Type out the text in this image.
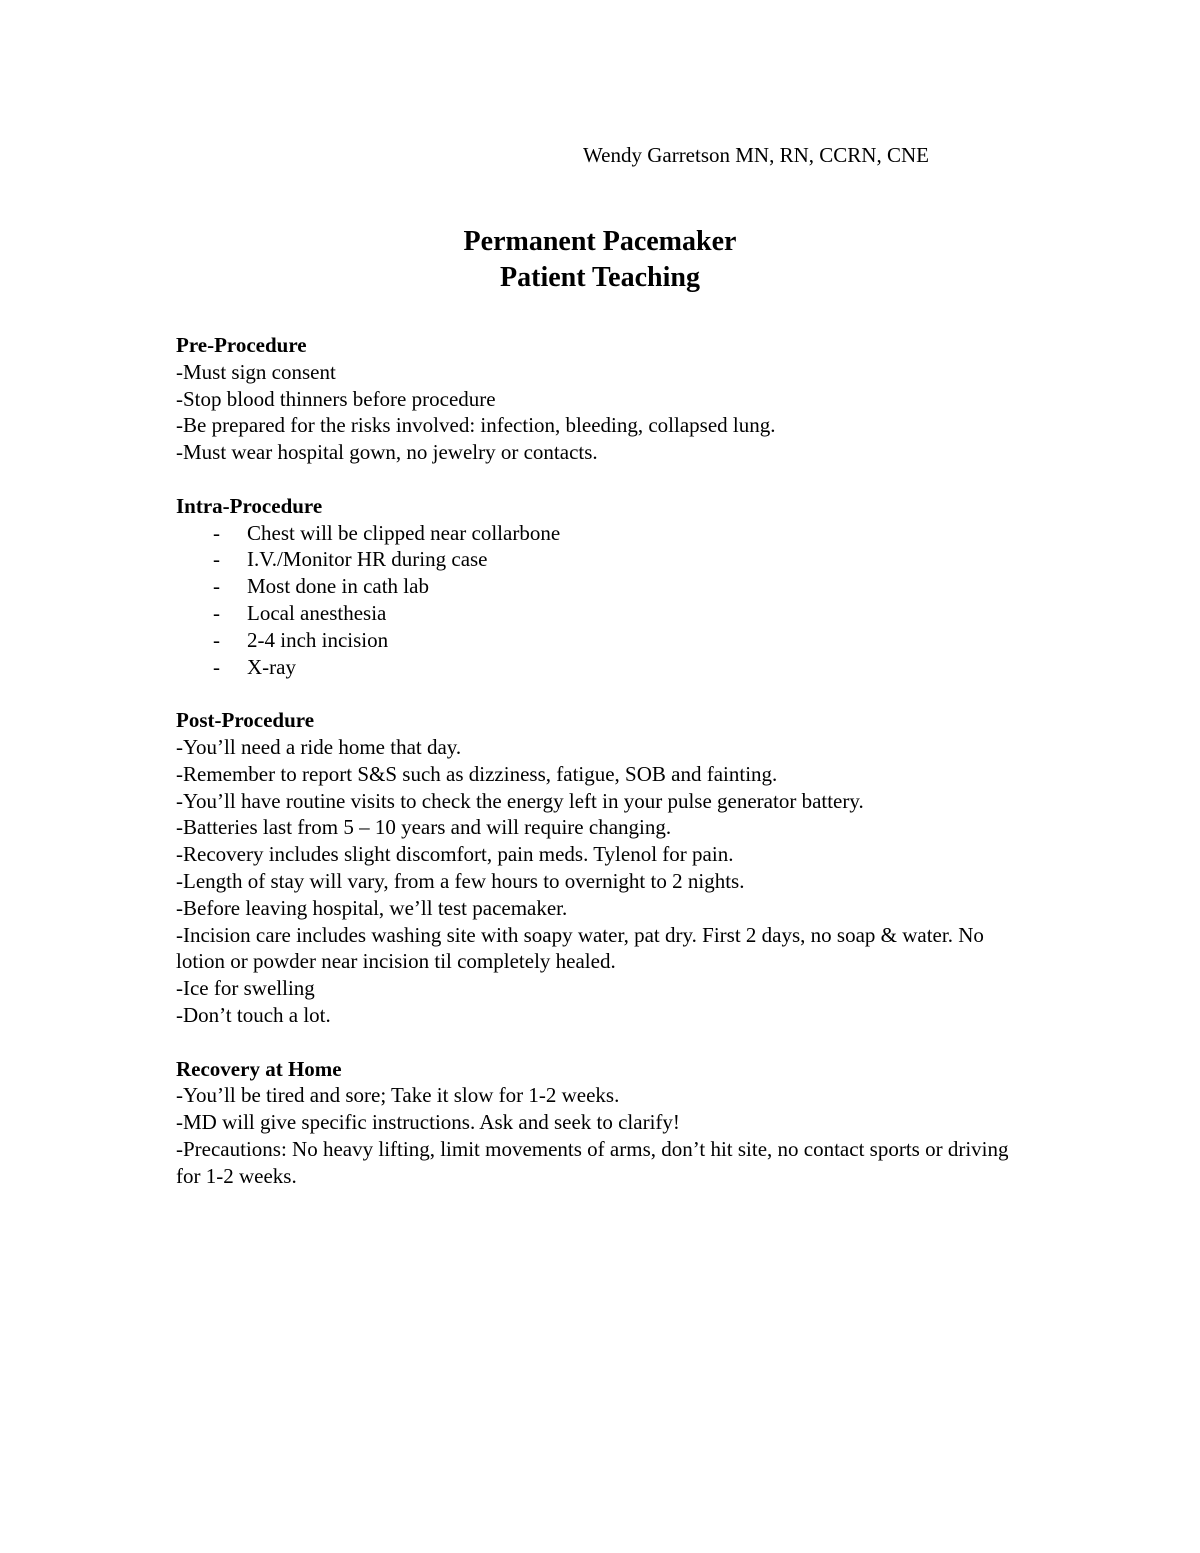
Wendy Garretson MN, RN, CCRN, CNE
Permanent Pacemaker
Patient Teaching
Pre-Procedure
-Must sign consent
-Stop blood thinners before procedure
-Be prepared for the risks involved: infection, bleeding, collapsed lung.
-Must wear hospital gown, no jewelry or contacts.
Intra-Procedure
- Chest will be clipped near collarbone
- I.V./Monitor HR during case
- Most done in cath lab
- Local anesthesia
- 2-4 inch incision
- X-ray
Post-Procedure
-You’ll need a ride home that day.
-Remember to report S&S such as dizziness, fatigue, SOB and fainting.
-You’ll have routine visits to check the energy left in your pulse generator battery.
-Batteries last from 5 – 10 years and will require changing.
-Recovery includes slight discomfort, pain meds. Tylenol for pain.
-Length of stay will vary, from a few hours to overnight to 2 nights.
-Before leaving hospital, we’ll test pacemaker.
-Incision care includes washing site with soapy water, pat dry. First 2 days, no soap & water. No lotion or powder near incision til completely healed.
-Ice for swelling
-Don’t touch a lot.
Recovery at Home
-You’ll be tired and sore; Take it slow for 1-2 weeks.
-MD will give specific instructions. Ask and seek to clarify!
-Precautions: No heavy lifting, limit movements of arms, don’t hit site, no contact sports or driving for 1-2 weeks.
